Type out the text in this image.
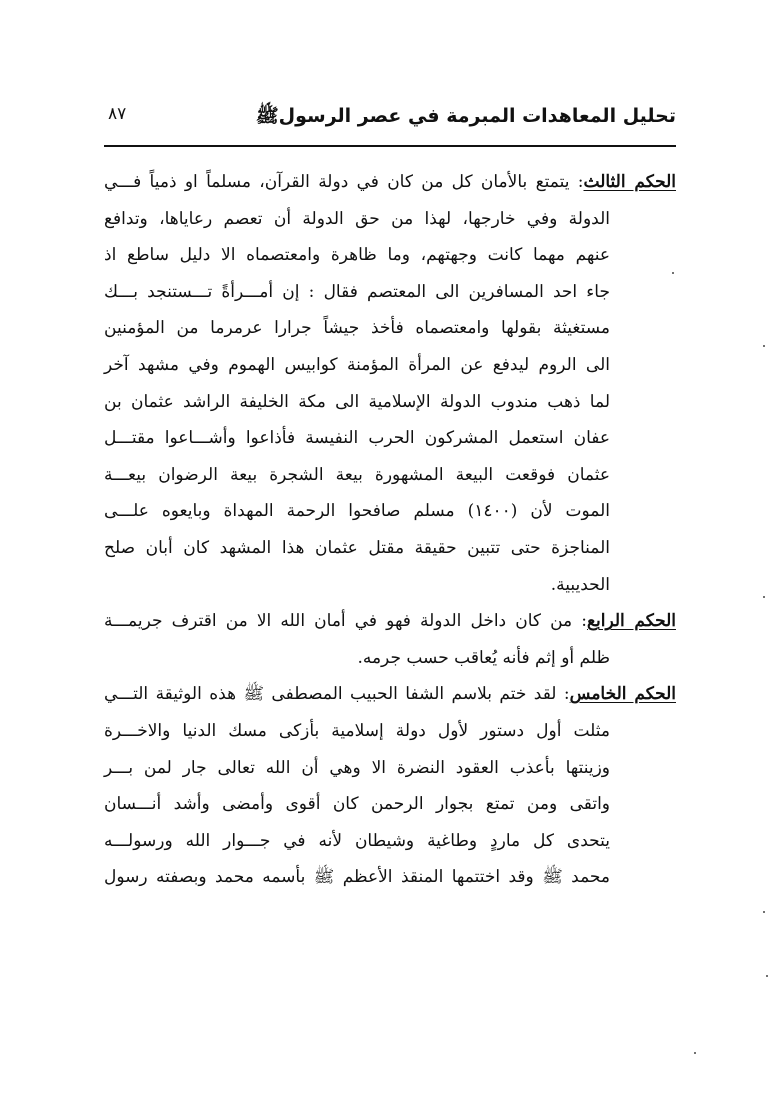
تحليل المعاهدات المبرمة في عصر الرسولﷺ
٨٧
الحكم الثالث: يتمتع بالأمان كل من كان في دولة القرآن، مسلماً او ذمياً فـــي
الدولة وفي خارجها، لهذا من حق الدولة أن تعصم رعاياها، وتدافع
عنهم مهما كانت وجهتهم، وما ظاهرة وامعتصماه الا دليل ساطع اذ
جاء احد المسافرين الى المعتصم فقال : إن أمـــرأةً تـــستنجد بـــك
مستغيثة بقولها وامعتصماه فأخذ جيشاً جرارا عرمرما من المؤمنين
الى الروم ليدفع عن المرأة المؤمنة كوابيس الهموم وفي مشهد آخر
لما ذهب مندوب الدولة الإسلامية الى مكة الخليفة الراشد عثمان بن
عفان استعمل المشركون الحرب النفيسة فأذاعوا وأشـــاعوا مقتـــل
عثمان فوقعت البيعة المشهورة بيعة الشجرة بيعة الرضوان بيعـــة
الموت لأن (١٤٠٠) مسلم صافحوا الرحمة المهداة وبايعوه علـــى
المناجزة حتى تتبين حقيقة مقتل عثمان هذا المشهد كان أبان صلح
الحديبية.
الحكم الرابع: من كان داخل الدولة فهو في أمان الله الا من اقترف جريمـــة
ظلم أو إثم فأنه يُعاقب حسب جرمه.
الحكم الخامس: لقد ختم بلاسم الشفا الحبيب المصطفى ﷺ هذه الوثيقة التـــي
مثلت أول دستور لأول دولة إسلامية بأزكى مسك الدنيا والاخـــرة
وزينتها بأعذب العقود النضرة الا وهي أن الله تعالى جار لمن بـــر
واتقى ومن تمتع بجوار الرحمن كان أقوى وأمضى وأشد أنـــسان
يتحدى كل ماردٍ وطاغية وشيطان لأنه في جـــوار الله ورسولـــه
محمد ﷺ وقد اختتمها المنقذ الأعظم ﷺ بأسمه محمد وبصفته رسول
